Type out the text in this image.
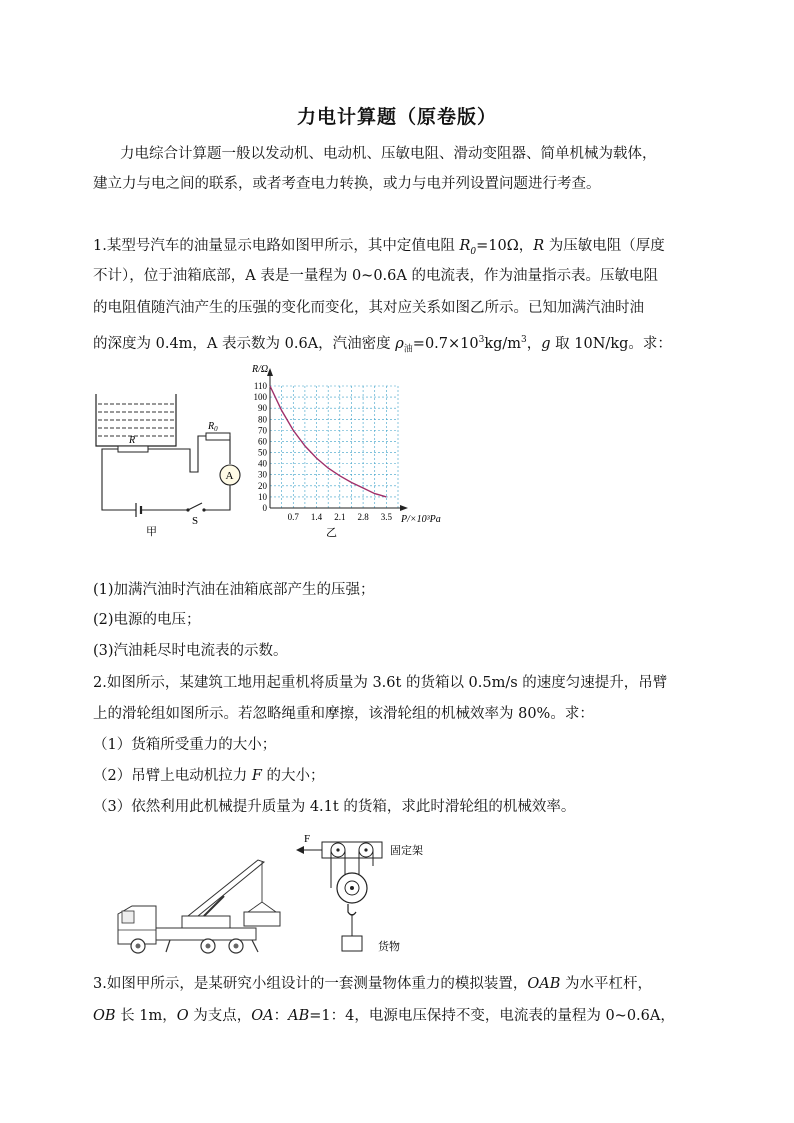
力电计算题（原卷版）
力电综合计算题一般以发动机、电动机、压敏电阻、滑动变阻器、简单机械为载体，
建立力与电之间的联系，或者考查电力转换，或力与电并列设置问题进行考查。
1.某型号汽车的油量显示电路如图甲所示，其中定值电阻 $R_0=10\Omega$，R 为压敏电阻（厚度
不计），位于油箱底部，A 表是一量程为 0~0.6A 的电流表，作为油量指示表。压敏电阻
的电阻值随汽油产生的压强的变化而变化，其对应关系如图乙所示。已知加满汽油时油
的深度为 0.4m，A 表示数为 0.6A，汽油密度 $\rho_油=0.7\times 10^3kg/m^3$，g 取 10N/kg。求：
R
$R_0$
A
S
甲
0
10
20
30
40
50
60
70
80
90
100
110
0.7 1.4 2.1 2.8 3.5
R/Ω
P/×10³Pa
乙
(1)加满汽油时汽油在油箱底部产生的压强；
(2)电源的电压；
(3)汽油耗尽时电流表的示数。
2.如图所示，某建筑工地用起重机将质量为 3.6t 的货箱以 0.5m/s 的速度匀速提升，吊臂
上的滑轮组如图所示。若忽略绳重和摩擦，该滑轮组的机械效率为 80%。求：
（1）货箱所受重力的大小；
（2）吊臂上电动机拉力 F 的大小；
（3）依然利用此机械提升质量为 4.1t 的货箱，求此时滑轮组的机械效率。
F
固定架
货物
3.如图甲所示，是某研究小组设计的一套测量物体重力的模拟装置，OAB 为水平杠杆，
OB 长 1m，O 为支点，OA：AB=1：4，电源电压保持不变，电流表的量程为 0~0.6A，
